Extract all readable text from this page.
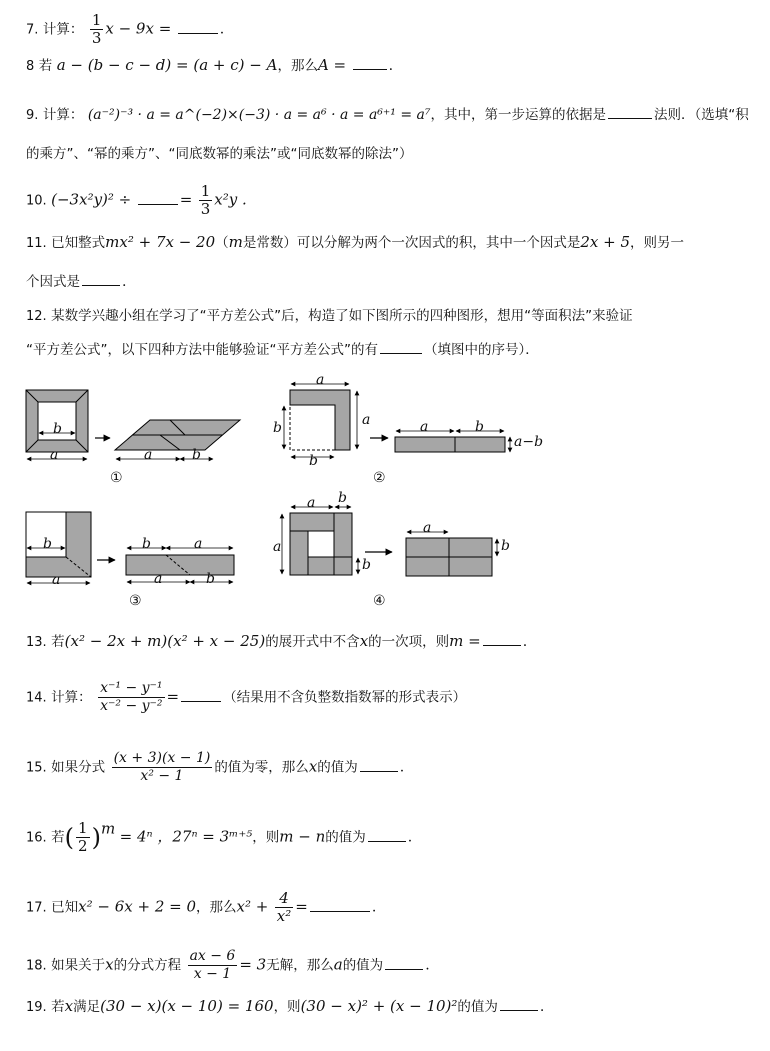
7. 计算： $\frac{1}{3}$ x − 9x =	.
8 若 a − (b − c − d) = (a + c) − A，那么A =	.
9. 计算： (a⁻²)⁻³ · a = a^(−2)×(−3) · a = a⁶ · a = a⁶⁺¹ = a⁷，其中，第一步运算的依据是	法则．（选填“积
的乘方”、“幂的乘方”、“同底数幂的乘法”或“同底数幂的除法”）
10. (−3x²y)² ÷	= $\frac{1}{3} x^2y$ .
11. 已知整式mx² + 7x − 20（m是常数）可以分解为两个一次因式的积，其中一个因式是2x + 5，则另一
个因式是	.
12. 某数学兴趣小组在学习了“平方差公式”后，构造了如下图所示的四种图形，想用“等面积法”来验证
“平方差公式”，以下四种方法中能够验证“平方差公式”的有	（填图中的序号）．
a
b
a	b
a
a
b
b
a	b
a−b
b
a
b	a
a	b
a b
a
b
a
b
①	②
③	④
13. 若(x² − 2x + m)(x² + x − 25)的展开式中不含x的一次项，则m =	.
14. 计算： $\frac{\text{x⁻¹ − y⁻¹}}{\text{x⁻² − y⁻²}}$ =	（结果用不含负整数指数幂的形式表示）
15. 如果分式 $\frac{(x + 3)(x - 1)}{\text{x² − 1}}$ 的值为零，那么x的值为	.
16. 若( $\frac{1}{2} )^m = 4^n$ ，27ⁿ = 3ᵐ⁺⁵，则m − n的值为	.
17. 已知x² − 6x + 2 = 0，那么$x^2 + \frac{4}{\text{x²}}$ =	.
18. 如果关于x的分式方程 $\frac{ax - 6}{x - 1} = 3$无解，那么a的值为	.
19. 若x满足(30 − x)(x − 10) = 160，则(30 − x)² + (x − 10)²的值为	.
